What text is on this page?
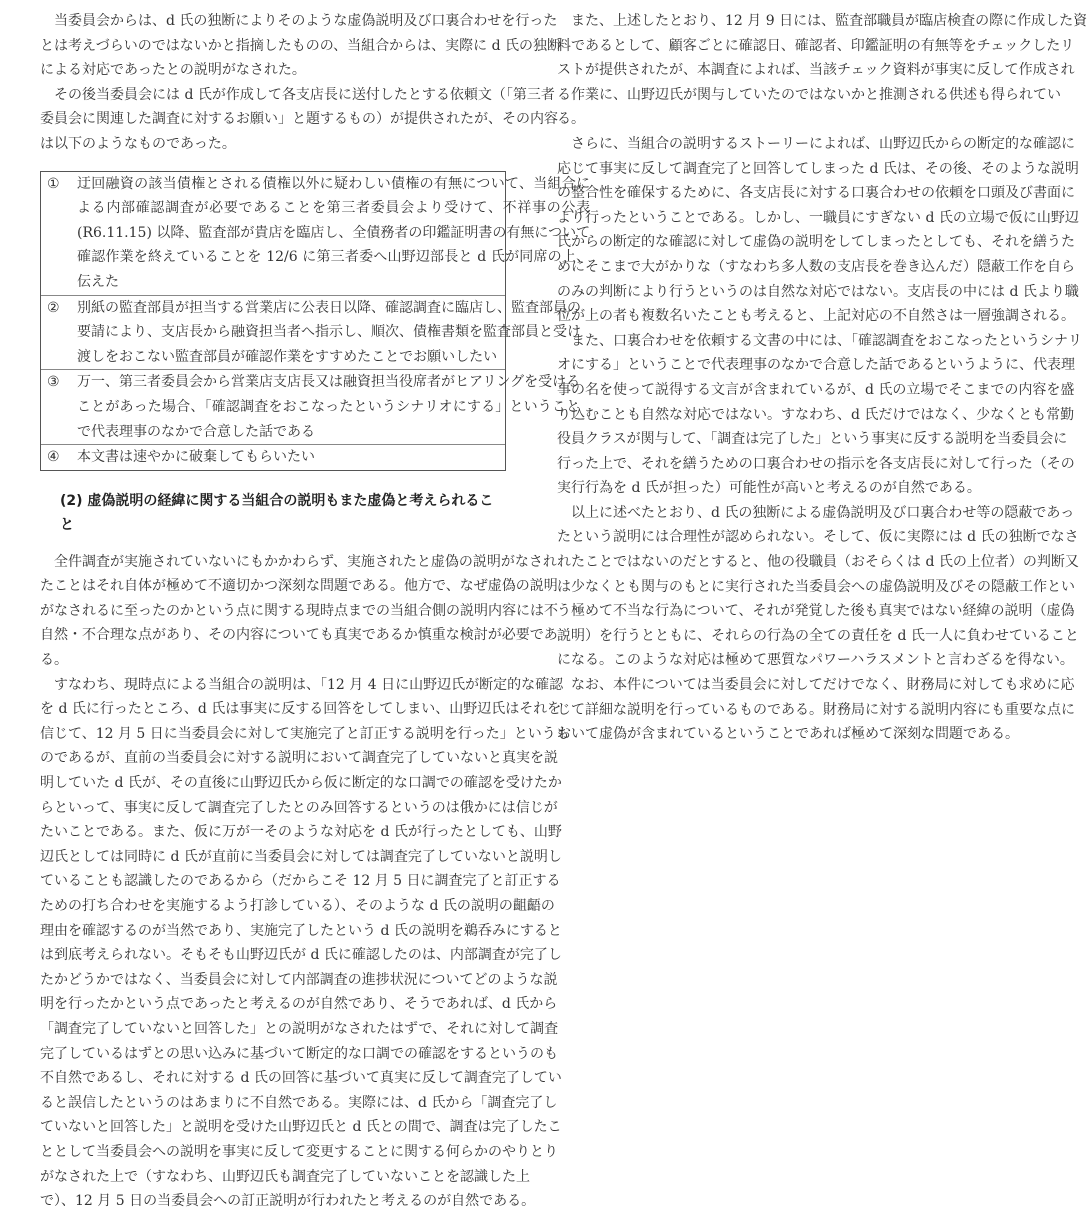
当委員会からは、d 氏の独断によりそのような虚偽説明及び口裏合わせを行った
とは考えづらいのではないかと指摘したものの、当組合からは、実際に d 氏の独断
による対応であったとの説明がなされた。
その後当委員会には d 氏が作成して各支店長に送付したとする依頼文（「第三者
委員会に関連した調査に対するお願い」と題するもの）が提供されたが、その内容
は以下のようなものであった。
①	迂回融資の該当債権とされる債権以外に疑わしい債権の有無について、当組合に
よる内部確認調査が必要であることを第三者委員会より受けて、不祥事の公表
(R6.11.15) 以降、監査部が貴店を臨店し、全債務者の印鑑証明書の有無について
確認作業を終えていることを 12/6 に第三者委へ山野辺部長と d 氏が同席の上、
伝えた
②	別紙の監査部員が担当する営業店に公表日以降、確認調査に臨店し、監査部員の
要請により、支店長から融資担当者へ指示し、順次、債権書類を監査部員と受け
渡しをおこない監査部員が確認作業をすすめたことでお願いしたい
③	万一、第三者委員会から営業店支店長又は融資担当役席者がヒアリングを受ける
ことがあった場合、「確認調査をおこなったというシナリオにする」ということ
で代表理事のなかで合意した話である
④	本文書は速やかに破棄してもらいたい
(2) 虚偽説明の経緯に関する当組合の説明もまた虚偽と考えられること
全件調査が実施されていないにもかかわらず、実施されたと虚偽の説明がなされ
たことはそれ自体が極めて不適切かつ深刻な問題である。他方で、なぜ虚偽の説明
がなされるに至ったのかという点に関する現時点までの当組合側の説明内容には不
自然・不合理な点があり、その内容についても真実であるか慎重な検討が必要であ
る。
すなわち、現時点による当組合の説明は、「12 月 4 日に山野辺氏が断定的な確認
を d 氏に行ったところ、d 氏は事実に反する回答をしてしまい、山野辺氏はそれを
信じて、12 月 5 日に当委員会に対して実施完了と訂正する説明を行った」というも
のであるが、直前の当委員会に対する説明において調査完了していないと真実を説
明していた d 氏が、その直後に山野辺氏から仮に断定的な口調での確認を受けたか
らといって、事実に反して調査完了したとのみ回答するというのは俄かには信じが
たいことである。また、仮に万が一そのような対応を d 氏が行ったとしても、山野
辺氏としては同時に d 氏が直前に当委員会に対しては調査完了していないと説明し
ていることも認識したのであるから（だからこそ 12 月 5 日に調査完了と訂正する
ための打ち合わせを実施するよう打診している）、そのような d 氏の説明の齟齬の
理由を確認するのが当然であり、実施完了したという d 氏の説明を鵜呑みにすると
は到底考えられない。そもそも山野辺氏が d 氏に確認したのは、内部調査が完了し
たかどうかではなく、当委員会に対して内部調査の進捗状況についてどのような説
明を行ったかという点であったと考えるのが自然であり、そうであれば、d 氏から
「調査完了していないと回答した」との説明がなされたはずで、それに対して調査
完了しているはずとの思い込みに基づいて断定的な口調での確認をするというのも
不自然であるし、それに対する d 氏の回答に基づいて真実に反して調査完了してい
ると誤信したというのはあまりに不自然である。実際には、d 氏から「調査完了し
ていないと回答した」と説明を受けた山野辺氏と d 氏との間で、調査は完了したこ
ととして当委員会への説明を事実に反して変更することに関する何らかのやりとり
がなされた上で（すなわち、山野辺氏も調査完了していないことを認識した上
で）、12 月 5 日の当委員会への訂正説明が行われたと考えるのが自然である。
また、上述したとおり、12 月 9 日には、監査部職員が臨店検査の際に作成した資
料であるとして、顧客ごとに確認日、確認者、印鑑証明の有無等をチェックしたリ
ストが提供されたが、本調査によれば、当該チェック資料が事実に反して作成され
る作業に、山野辺氏が関与していたのではないかと推測される供述も得られてい
る。
さらに、当組合の説明するストーリーによれば、山野辺氏からの断定的な確認に
応じて事実に反して調査完了と回答してしまった d 氏は、その後、そのような説明
の整合性を確保するために、各支店長に対する口裏合わせの依頼を口頭及び書面に
より行ったということである。しかし、一職員にすぎない d 氏の立場で仮に山野辺
氏からの断定的な確認に対して虚偽の説明をしてしまったとしても、それを繕うた
めにそこまで大がかりな（すなわち多人数の支店長を巻き込んだ）隠蔽工作を自ら
のみの判断により行うというのは自然な対応ではない。支店長の中には d 氏より職
位が上の者も複数名いたことも考えると、上記対応の不自然さは一層強調される。
また、口裏合わせを依頼する文書の中には、「確認調査をおこなったというシナリ
オにする」ということで代表理事のなかで合意した話であるというように、代表理
事の名を使って説得する文言が含まれているが、d 氏の立場でそこまでの内容を盛
り込むことも自然な対応ではない。すなわち、d 氏だけではなく、少なくとも常勤
役員クラスが関与して、「調査は完了した」という事実に反する説明を当委員会に
行った上で、それを繕うための口裏合わせの指示を各支店長に対して行った（その
実行行為を d 氏が担った）可能性が高いと考えるのが自然である。
以上に述べたとおり、d 氏の独断による虚偽説明及び口裏合わせ等の隠蔽であっ
たという説明には合理性が認められない。そして、仮に実際には d 氏の独断でなさ
れたことではないのだとすると、他の役職員（おそらくは d 氏の上位者）の判断又
は少なくとも関与のもとに実行された当委員会への虚偽説明及びその隠蔽工作とい
う極めて不当な行為について、それが発覚した後も真実ではない経緯の説明（虚偽
説明）を行うとともに、それらの行為の全ての責任を d 氏一人に負わせていること
になる。このような対応は極めて悪質なパワーハラスメントと言わざるを得ない。
なお、本件については当委員会に対してだけでなく、財務局に対しても求めに応
じて詳細な説明を行っているものである。財務局に対する説明内容にも重要な点に
おいて虚偽が含まれているということであれば極めて深刻な問題である。
